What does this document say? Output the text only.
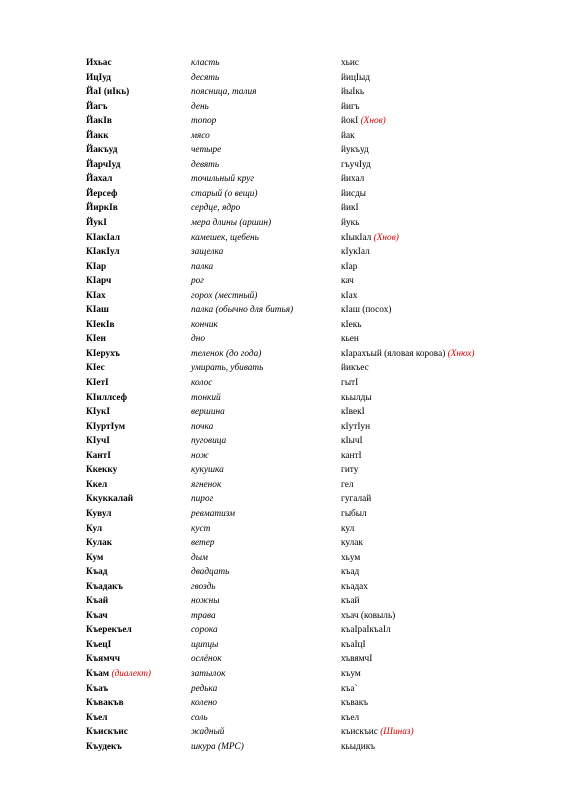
Ихьас	класть	хьис
ИцIуд	десять	йицIыд
ЙaI (иIкь)	поясница, талия	йыIкь
Йагъ	день	йигъ
ЙакIв	топор	йокI (Хнов)
Йакк	мясо	йак
Йакъуд	четыре	йукъуд
ЙарчIуд	девять	гъучIуд
Йахал	точильный круг	йихал
Йерсеф	старый (о вещи)	йисды
ЙиркIв	сердце, ядро	йикI
ЙукI	мера длины (аршин)	йукь
КIакIал	камешек, щебень	кIыкIал (Хнов)
КIакIул	защелка	кIукIал
КIар	палка	кIар
КIарч	рог	кач
КIах	горох (местный)	кIах
КIаш	палка (обычно для битья)	кIаш (посох)
КIекIв	кончик	кIекь
КIен	дно	кьен
КIерухъ	теленок (до года)	кIарахъый (яловая корова) (Хнюх)
КIес	умирать, убивать	йикъес
КIетI	колос	гытI
КIиллсеф	тонкий	кьылды
КIукI	вершина	кIвекI
КIуртIум	почка	кIутIун
КIучI	пуговица	кIычI
КантI	нож	кантI
Ккекку	кукушка	гиту
Ккел	ягненок	гел
Ккуккалай	пирог	гугалай
Кувул	ревматизм	гыбыл
Кул	куст	кул
Кулак	ветер	кулак
Кум	дым	хьум
Къад	двадцать	къад
Къадакъ	гвоздь	къадах
Къай	ножны	къай
Къач	трава	хъач (ковыль)
Къерекъел	сорока	къаIраIкъаIл
КъецI	щипцы	къаIцI
Къямчч	ослёнок	хъвямчI
Къам (диалект)	затылок	къум
Къаъ	редька	къа`
Къвакъв	колено	къвакъ
Къел	соль	къел
Къискъис	жадный	къискъис (Шиназ)
Къудекъ	шкура (МРС)	кьыдикъ
